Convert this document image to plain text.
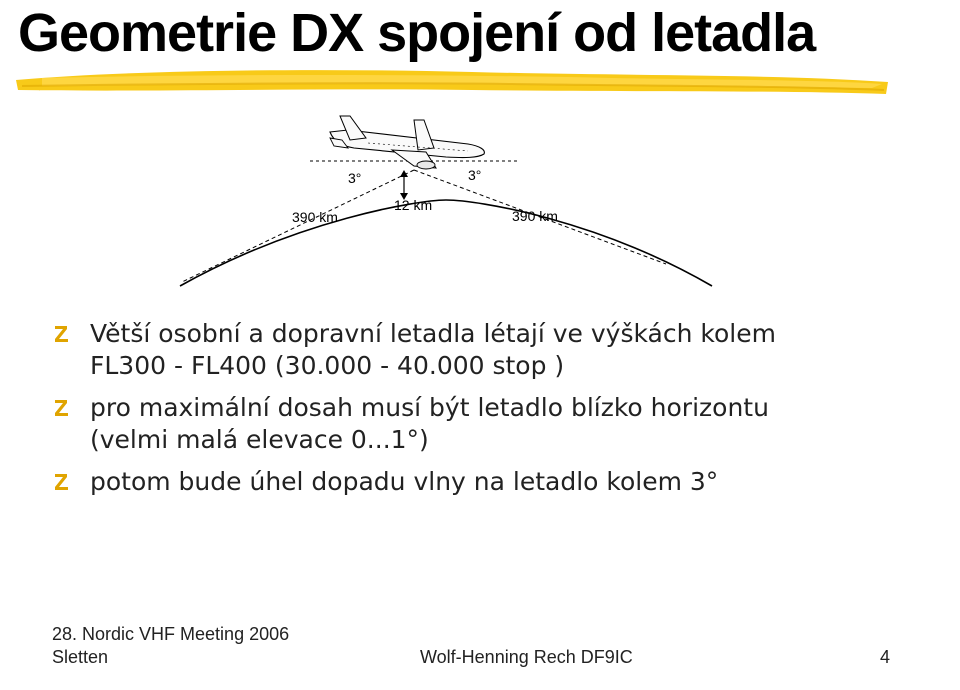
Geometrie DX spojení od letadla
3°	3°
12 km
390 km	390 km
Větší osobní a dopravní letadla létají ve výškách kolem
FL300 - FL400 (30.000 - 40.000 stop )
pro maximální dosah musí být letadlo blízko horizontu
(velmi malá elevace 0...1°)
potom bude úhel dopadu vlny na letadlo kolem 3°
28. Nordic VHF Meeting 2006
Sletten	Wolf-Henning Rech DF9IC	4
